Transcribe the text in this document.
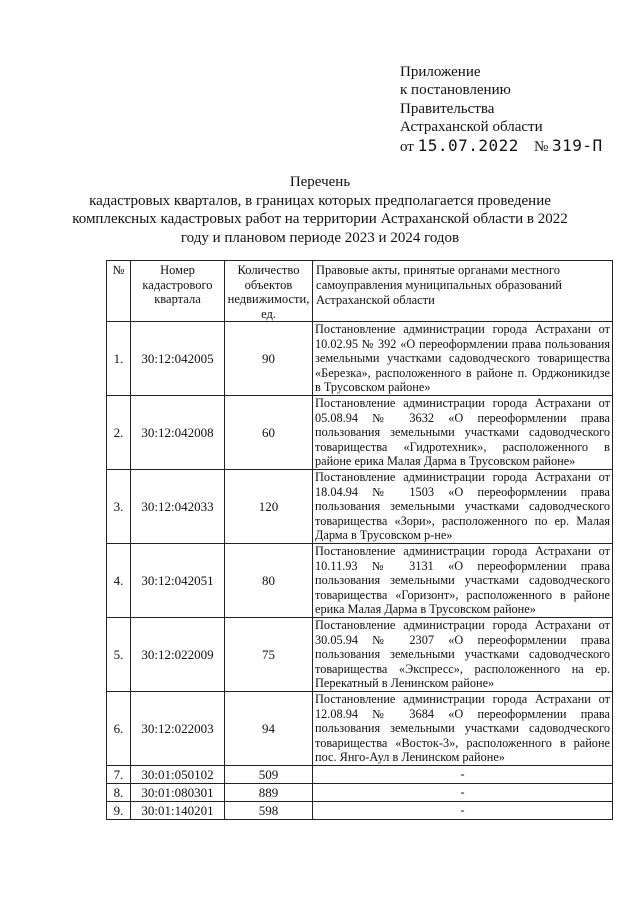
Приложение
к постановлению
Правительства
Астраханской области
от 15.07.2022 № 319-П
Перечень
кадастровых кварталов, в границах которых предполагается проведение
комплексных кадастровых работ на территории Астраханской области в 2022
году и плановом периоде 2023 и 2024 годов
№	Номер кадастрового квартала	Количество объектов недвижимости, ед.	Правовые акты, принятые органами местного самоуправления муниципальных образований Астраханской области
1.	30:12:042005	90	Постановление администрации города Астрахани от 10.02.95 № 392 «О переоформлении права пользования земельными участками садоводческого товарищества «Березка», расположенного в районе п. Орджоникидзе в Трусовском районе»
2.	30:12:042008	60	Постановление администрации города Астрахани от 05.08.94 № 3632 «О переоформлении права пользования земельными участками садоводческого товарищества «Гидротехник», расположенного в районе ерика Малая Дарма в Трусовском районе»
3.	30:12:042033	120	Постановление администрации города Астрахани от 18.04.94 № 1503 «О переоформлении права пользования земельными участками садоводческого товарищества «Зори», расположенного по ер. Малая Дарма в Трусовском р-не»
4.	30:12:042051	80	Постановление администрации города Астрахани от 10.11.93 № 3131 «О переоформлении права пользования земельными участками садоводческого товарищества «Горизонт», расположенного в районе ерика Малая Дарма в Трусовском районе»
5.	30:12:022009	75	Постановление администрации города Астрахани от 30.05.94 № 2307 «О переоформлении права пользования земельными участками садоводческого товарищества «Экспресс», расположенного на ер. Перекатный в Ленинском районе»
6.	30:12:022003	94	Постановление администрации города Астрахани от 12.08.94 № 3684 «О переоформлении права пользования земельными участками садоводческого товарищества «Восток-3», расположенного в районе пос. Янго-Аул в Ленинском районе»
7.	30:01:050102	509	-
8.	30:01:080301	889	-
9.	30:01:140201	598	-
